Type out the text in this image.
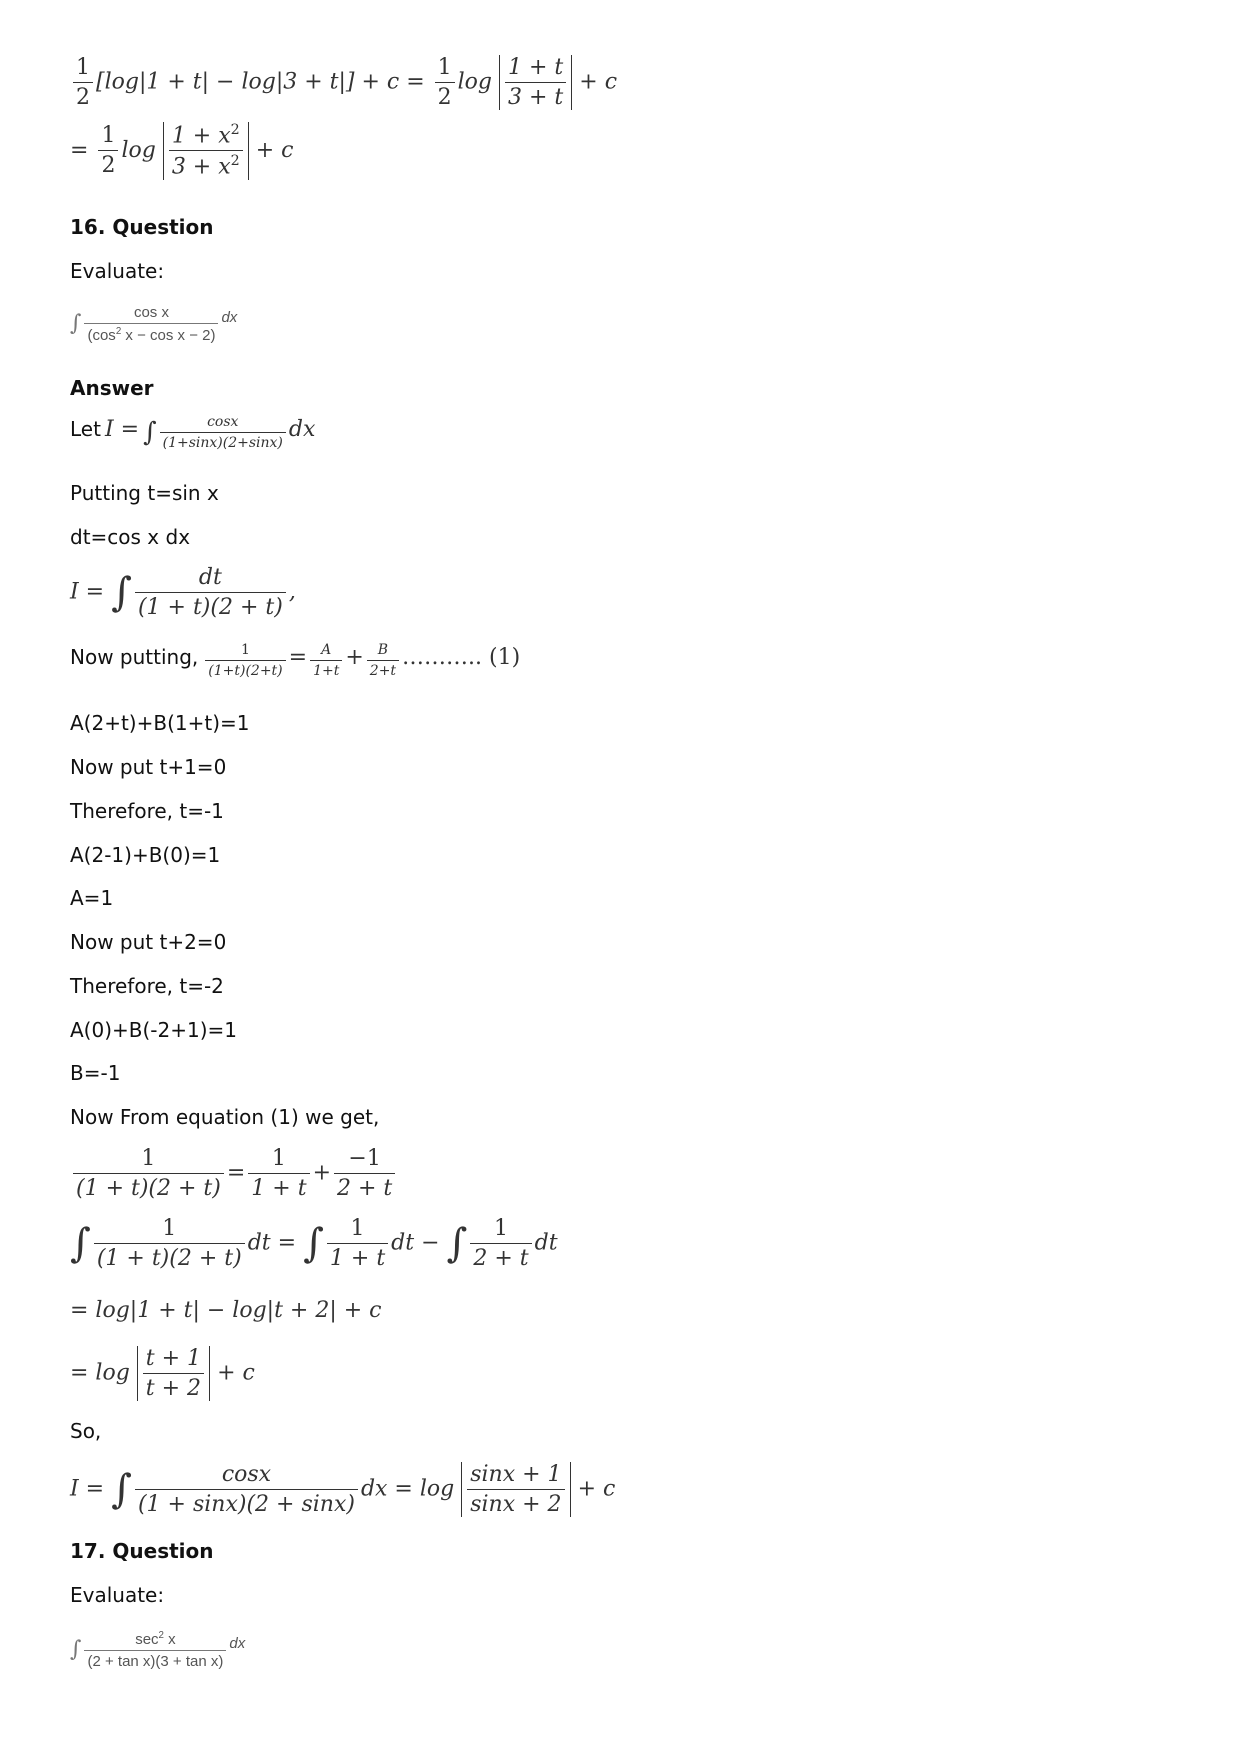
$\frac{1}{2} [\log|1 + t| - \log|3 + t|] + c = \frac{1}{2}$ $\log \frac{1 + t}{3 + t} + c$
= $\frac{1}{2}$ $\log \frac{1 + x^2}{3 + x^2} + c$
16. Question
Evaluate:
∫ $\frac{\text{cos x}}{(\cos^2 x - \cos x - 2)}$ dx
Answer
Let I = ∫ $\frac{\cos x}{(1+\sin x)(2+\sin x)}$ dx
Putting t=sin x
dt=cos x dx
I = ∫ $\frac{dt}{(1 + t)(2 + t)}$ ,
Now putting, $\frac{1}{(1+t)(2+t)} = \frac{A}{1+t} + \frac{B}{2+t}$ ……….. (1)
A(2+t)+B(1+t)=1
Now put t+1=0
Therefore, t=-1
A(2-1)+B(0)=1
A=1
Now put t+2=0
Therefore, t=-2
A(0)+B(-2+1)=1
B=-1
Now From equation (1) we get,
$\frac{1}{(1 + t)(2 + t)} = \frac{1}{1 + t} + \frac{-1}{2 + t}$
∫ $\frac{1}{(1 + t)(2 + t)}$ dt = ∫ $\frac{1}{1 + t}$ dt − ∫ $\frac{1}{2 + t}$ dt
= log|1 + t| − log|t + 2| + c
= $\log \frac{t + 1}{t + 2} + c$
So,
I = ∫ $\frac{\cos x}{(1 + \sin x)(2 + \sin x)}$ dx = $\log \frac{\sin x + 1}{\sin x + 2} + c$
17. Question
Evaluate:
∫ $\frac{\sec^2 x}{\text{(2 + tan x)(3 + tan x)}}$ dx
